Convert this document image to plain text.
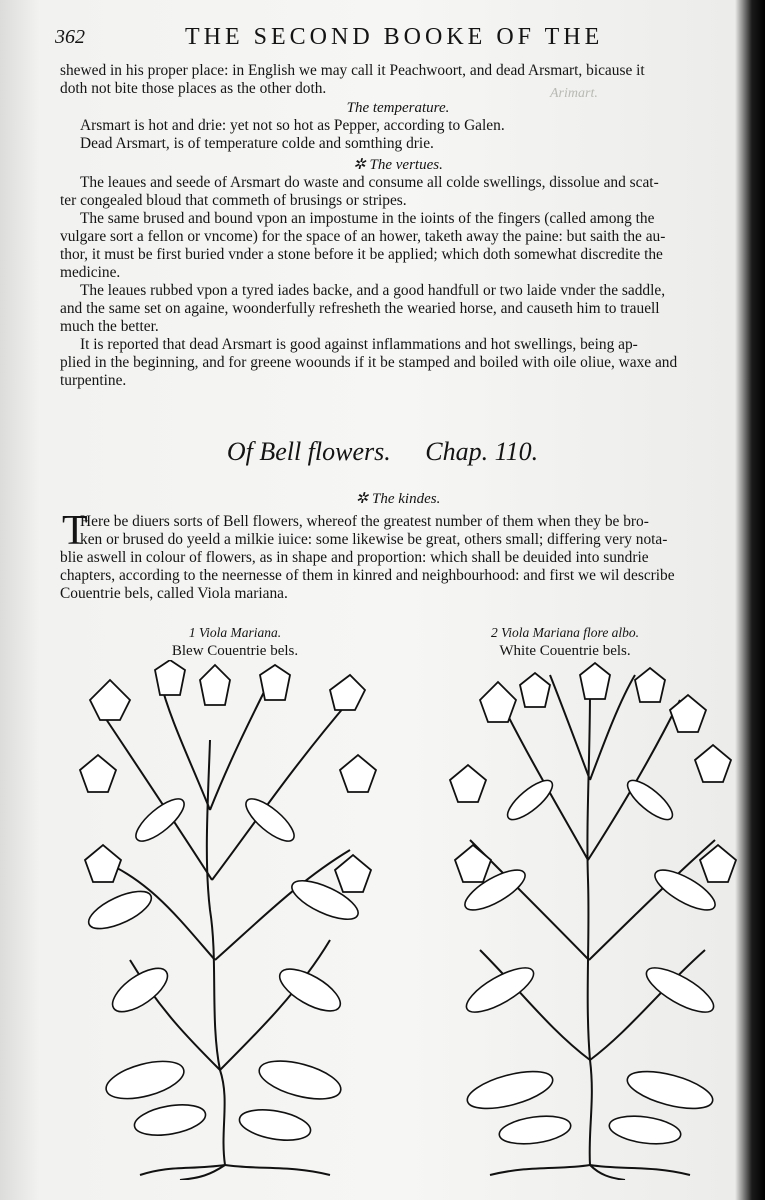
Arimart.
362	THE SECOND BOOKE OF THE
shewed in his proper place: in English we may call it Peachwoort, and dead Arsmart, bicause it
doth not bite those places as the other doth.
The temperature.
Arsmart is hot and drie: yet not so hot as Pepper, according to Galen.
Dead Arsmart, is of temperature colde and somthing drie.
✲ The vertues.
The leaues and seede of Arsmart do waste and consume all colde swellings, dissolue and scat-
ter congealed bloud that commeth of brusings or stripes.
The same brused and bound vpon an impostume in the ioints of the fingers (called among the
vulgare sort a fellon or vncome) for the space of an hower, taketh away the paine: but saith the au-
thor, it must be first buried vnder a stone before it be applied; which doth somewhat discredite the
medicine.
The leaues rubbed vpon a tyred iades backe, and a good handfull or two laide vnder the saddle,
and the same set on againe, woonderfully refresheth the wearied horse, and causeth him to trauell
much the better.
It is reported that dead Arsmart is good against inflammations and hot swellings, being ap-
plied in the beginning, and for greene woounds if it be stamped and boiled with oile oliue, waxe and
turpentine.
Of Bell flowers. Chap. 110.
✲ The kindes.
T
Here be diuers sorts of Bell flowers, whereof the greatest number of them when they be bro-
ken or brused do yeeld a milkie iuice: some likewise be great, others small; differing very nota-
blie aswell in colour of flowers, as in shape and proportion: which shall be deuided into sundrie
chapters, according to the neernesse of them in kinred and neighbourhood: and first we wil describe
Couentrie bels, called Viola mariana.
1 Viola Mariana.
Blew Couentrie bels.
2 Viola Mariana flore albo.
White Couentrie bels.
